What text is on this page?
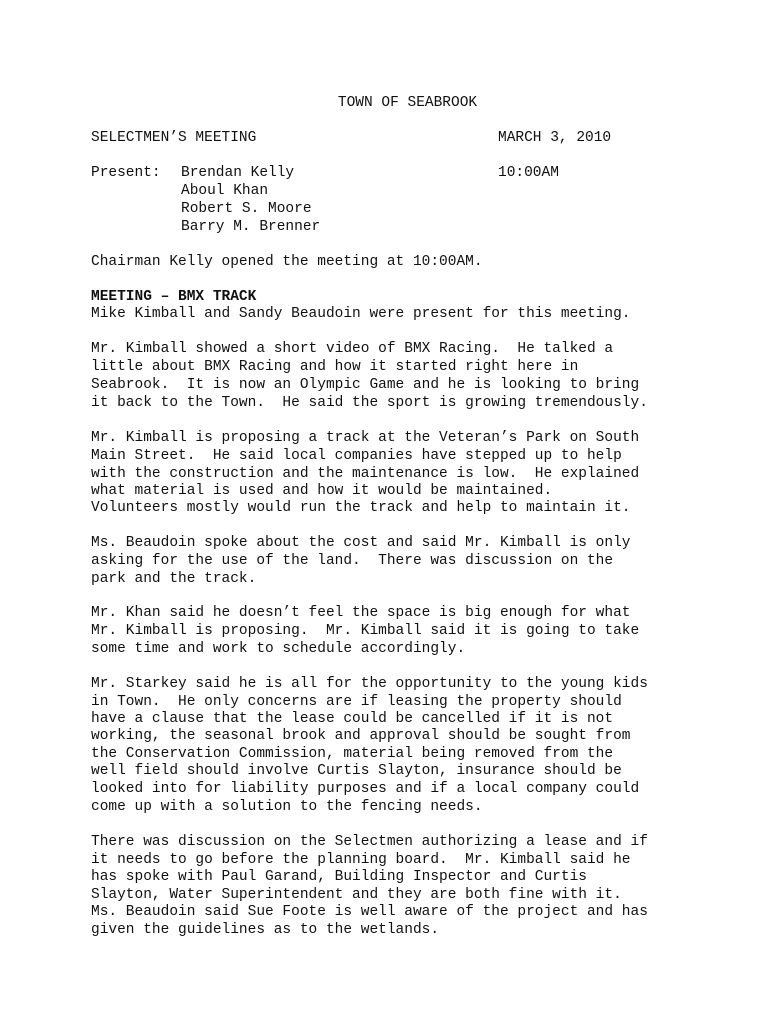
TOWN OF SEABROOK
SELECTMEN’S MEETING	MARCH 3, 2010
Present: Brendan Kelly	10:00AM
Aboul Khan
Robert S. Moore
Barry M. Brenner
Chairman Kelly opened the meeting at 10:00AM.
MEETING – BMX TRACK
Mike Kimball and Sandy Beaudoin were present for this meeting.
Mr. Kimball showed a short video of BMX Racing.  He talked a
little about BMX Racing and how it started right here in
Seabrook.  It is now an Olympic Game and he is looking to bring
it back to the Town.  He said the sport is growing tremendously.
Mr. Kimball is proposing a track at the Veteran’s Park on South
Main Street.  He said local companies have stepped up to help
with the construction and the maintenance is low.  He explained
what material is used and how it would be maintained.
Volunteers mostly would run the track and help to maintain it.
Ms. Beaudoin spoke about the cost and said Mr. Kimball is only
asking for the use of the land.  There was discussion on the
park and the track.
Mr. Khan said he doesn’t feel the space is big enough for what
Mr. Kimball is proposing.  Mr. Kimball said it is going to take
some time and work to schedule accordingly.
Mr. Starkey said he is all for the opportunity to the young kids
in Town.  He only concerns are if leasing the property should
have a clause that the lease could be cancelled if it is not
working, the seasonal brook and approval should be sought from
the Conservation Commission, material being removed from the
well field should involve Curtis Slayton, insurance should be
looked into for liability purposes and if a local company could
come up with a solution to the fencing needs.
There was discussion on the Selectmen authorizing a lease and if
it needs to go before the planning board.  Mr. Kimball said he
has spoke with Paul Garand, Building Inspector and Curtis
Slayton, Water Superintendent and they are both fine with it.
Ms. Beaudoin said Sue Foote is well aware of the project and has
given the guidelines as to the wetlands.
